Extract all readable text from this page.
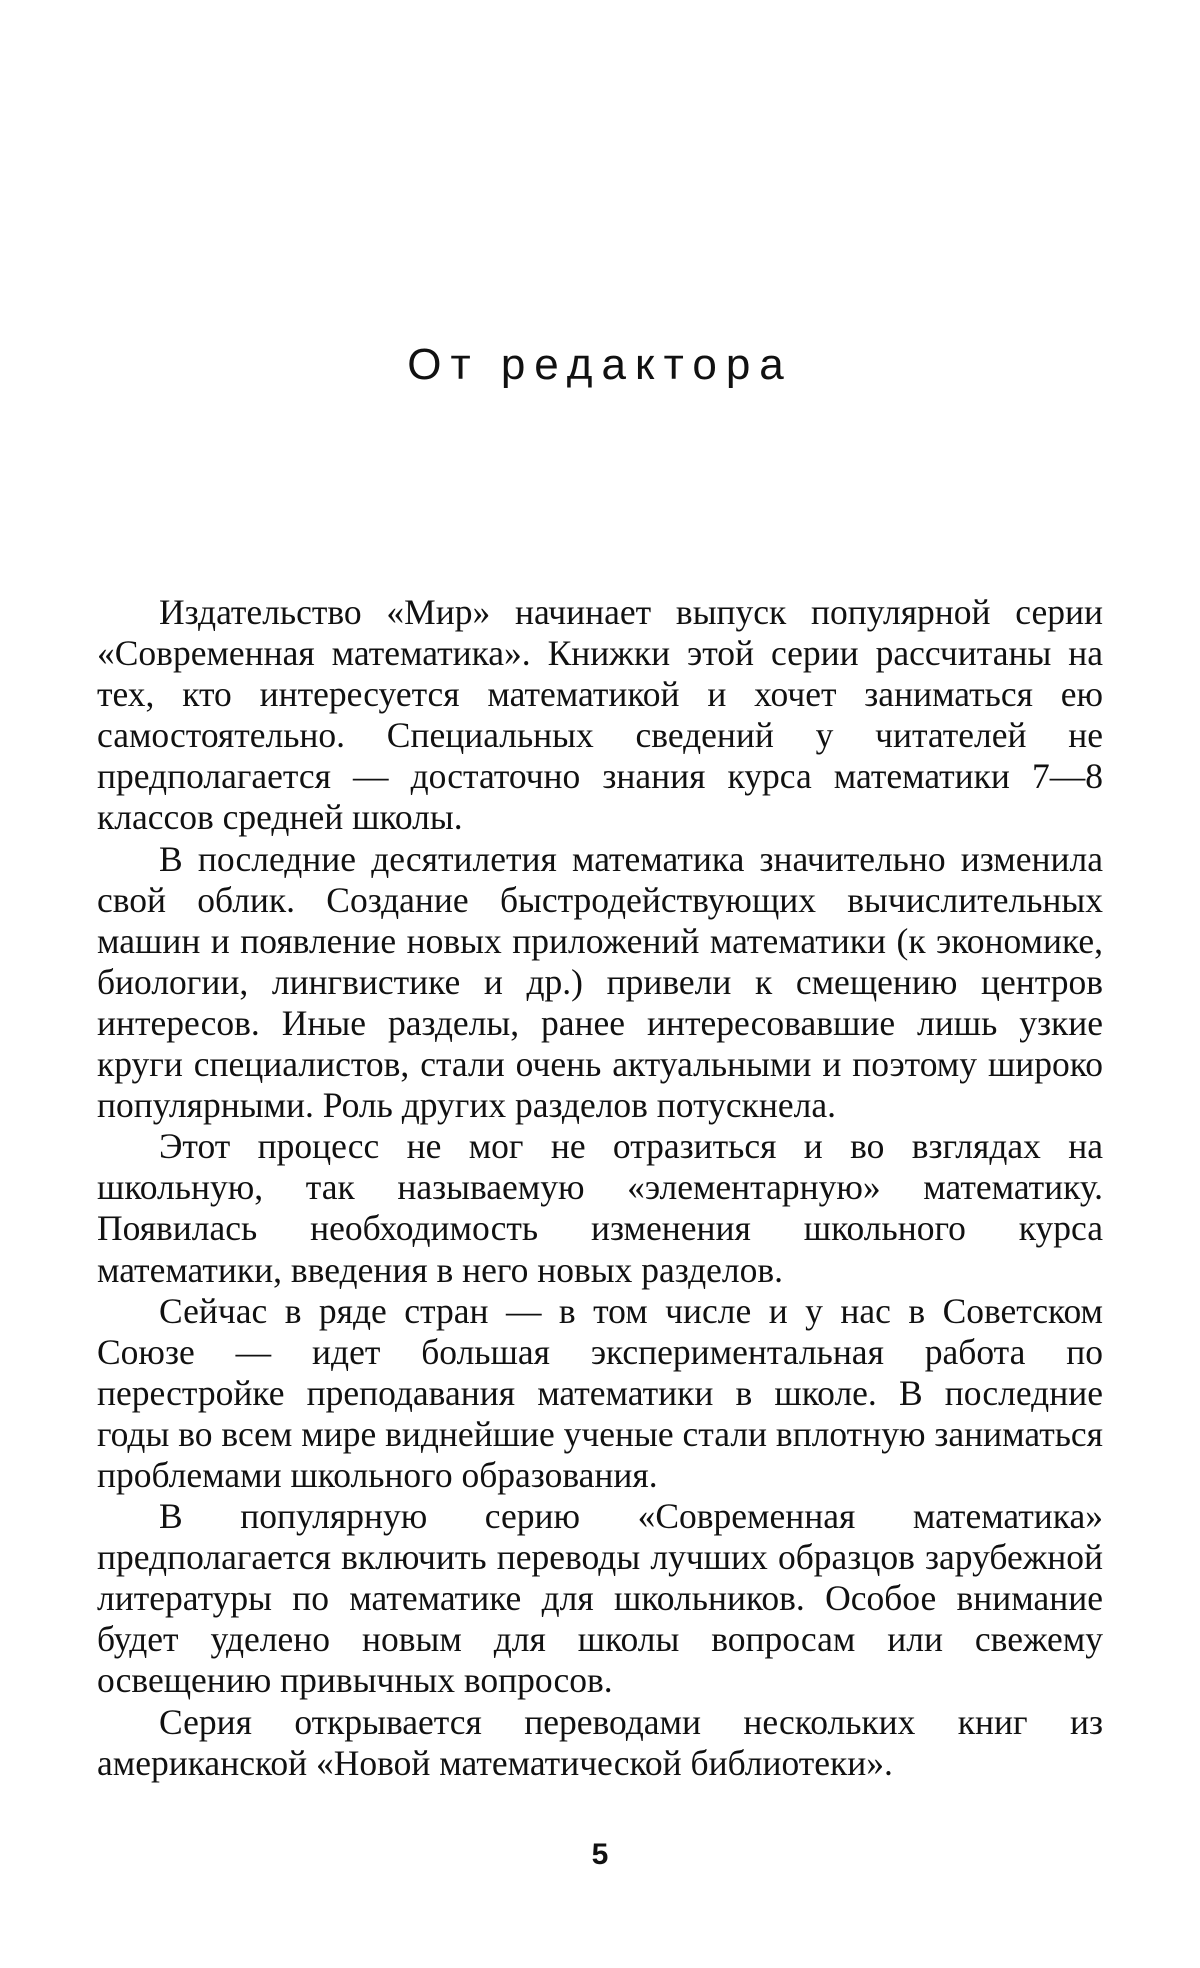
От редактора

Издательство «Мир» начинает выпуск популярной серии «Современная математика». Книжки этой серии рассчитаны на тех, кто интересуется математикой и хочет заниматься ею самостоятельно. Специальных сведений у читателей не предполагается — достаточно знания курса математики 7—8 классов средней школы.

В последние десятилетия математика значительно изменила свой облик. Создание быстродействующих вычислительных машин и появление новых приложений математики (к экономике, биологии, лингвистике и др.) привели к смещению центров интересов. Иные разделы, ранее интересовавшие лишь узкие круги специалистов, стали очень актуальными и поэтому широко популярными. Роль других разделов потускнела.

Этот процесс не мог не отразиться и во взглядах на школьную, так называемую «элементарную» математику. Появилась необходимость изменения школьного курса математики, введения в него новых разделов.

Сейчас в ряде стран — в том числе и у нас в Советском Союзе — идет большая экспериментальная работа по перестройке преподавания математики в школе. В последние годы во всем мире виднейшие ученые стали вплотную заниматься проблемами школьного образования.

В популярную серию «Современная математика» предполагается включить переводы лучших образцов зарубежной литературы по математике для школьников. Особое внимание будет уделено новым для школы вопросам или свежему освещению привычных вопросов.

Серия открывается переводами нескольких книг из американской «Новой математической библиотеки».

5
